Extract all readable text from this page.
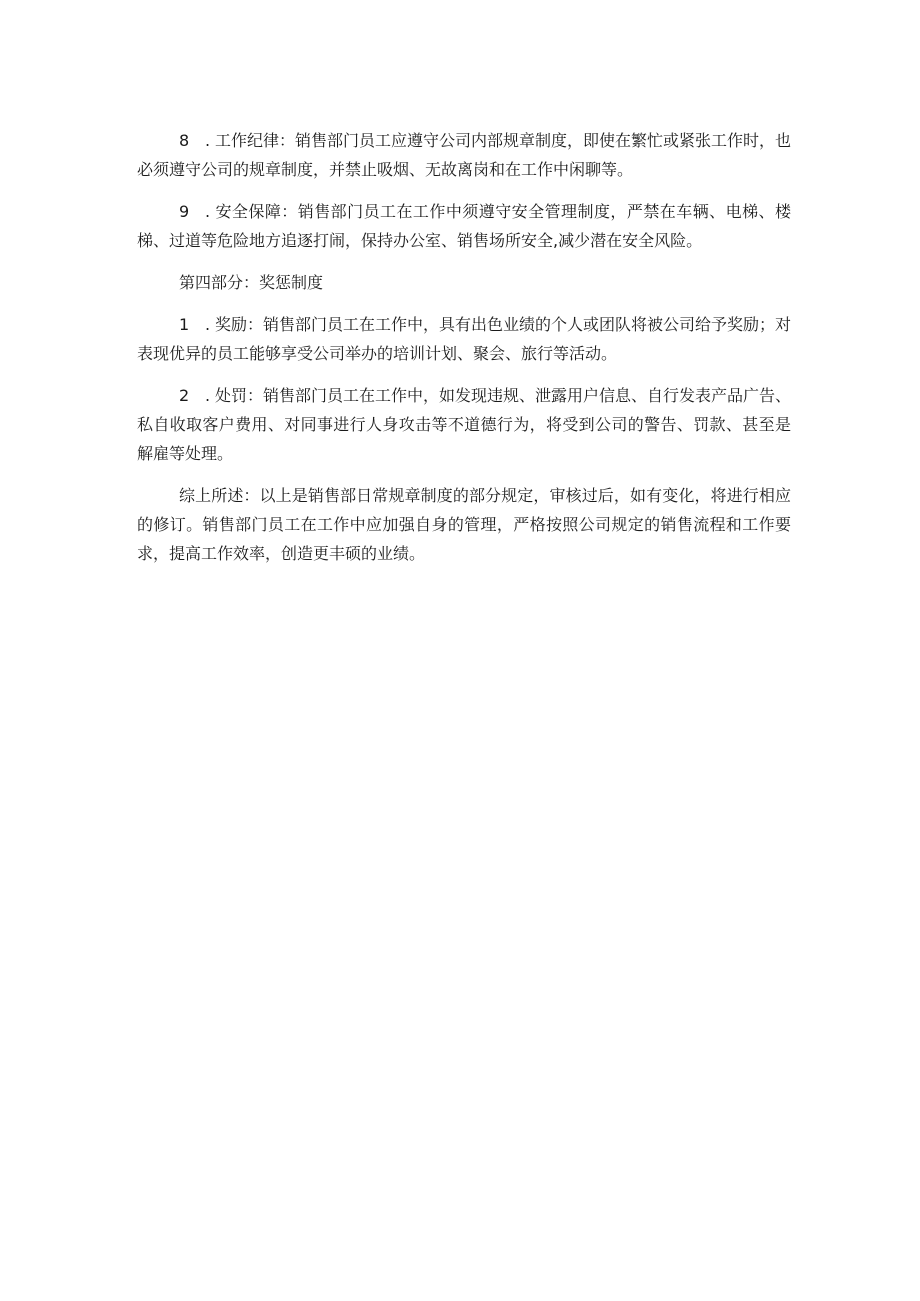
8 . 工作纪律：销售部门员工应遵守公司内部规章制度，即使在繁忙或紧张工作时，也必须遵守公司的规章制度，并禁止吸烟、无故离岗和在工作中闲聊等。

9 . 安全保障：销售部门员工在工作中须遵守安全管理制度，严禁在车辆、电梯、楼梯、过道等危险地方追逐打闹，保持办公室、销售场所安全,减少潜在安全风险。

第四部分：奖惩制度

1 . 奖励：销售部门员工在工作中，具有出色业绩的个人或团队将被公司给予奖励；对表现优异的员工能够享受公司举办的培训计划、聚会、旅行等活动。

2 . 处罚：销售部门员工在工作中，如发现违规、泄露用户信息、自行发表产品广告、私自收取客户费用、对同事进行人身攻击等不道德行为，将受到公司的警告、罚款、甚至是解雇等处理。

综上所述：以上是销售部日常规章制度的部分规定，审核过后，如有变化，将进行相应的修订。销售部门员工在工作中应加强自身的管理，严格按照公司规定的销售流程和工作要求，提高工作效率，创造更丰硕的业绩。
